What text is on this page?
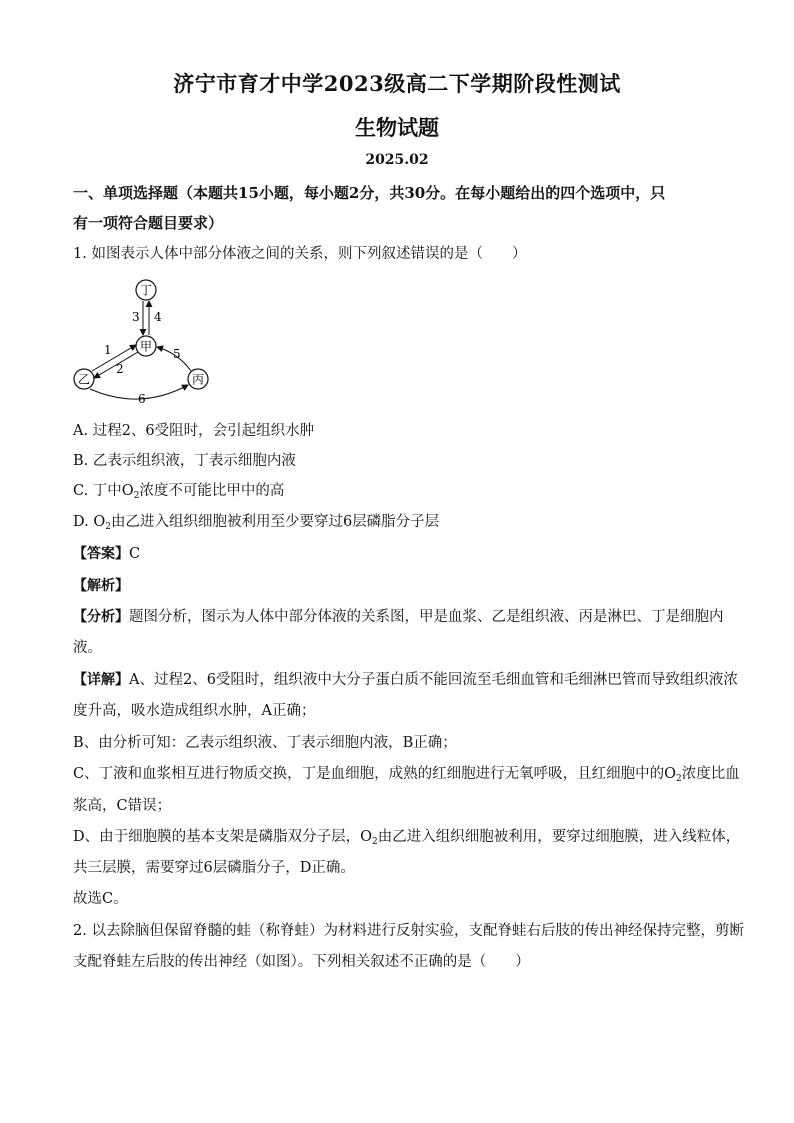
济宁市育才中学2023级高二下学期阶段性测试
生物试题
2025.02
一、单项选择题（本题共15小题，每小题2分，共30分。在每小题给出的四个选项中，只
有一项符合题目要求）
1. 如图表示人体中部分体液之间的关系，则下列叙述错误的是（　　）
丁
甲
乙	丙
3 4
1
2
5
6
A. 过程2、6受阻时，会引起组织水肿
B. 乙表示组织液，丁表示细胞内液
C. 丁中$O_2$浓度不可能比甲中的高
D. $O_2$由乙进入组织细胞被利用至少要穿过6层磷脂分子层
【答案】C
【解析】
【分析】题图分析，图示为人体中部分体液的关系图，甲是血浆、乙是组织液、丙是淋巴、丁是细胞内
液。
【详解】A、过程2、6受阻时，组织液中大分子蛋白质不能回流至毛细血管和毛细淋巴管而导致组织液浓
度升高，吸水造成组织水肿，A正确；
B、由分析可知：乙表示组织液、丁表示细胞内液，B正确；
C、丁液和血浆相互进行物质交换，丁是血细胞，成熟的红细胞进行无氧呼吸，且红细胞中的$O_2$浓度比血
浆高，C错误；
D、由于细胞膜的基本支架是磷脂双分子层，$O_2$由乙进入组织细胞被利用，要穿过细胞膜，进入线粒体，
共三层膜，需要穿过6层磷脂分子，D正确。
故选C。
2. 以去除脑但保留脊髓的蛙（称脊蛙）为材料进行反射实验，支配脊蛙右后肢的传出神经保持完整，剪断
支配脊蛙左后肢的传出神经（如图）。下列相关叙述不正确的是（　　）
